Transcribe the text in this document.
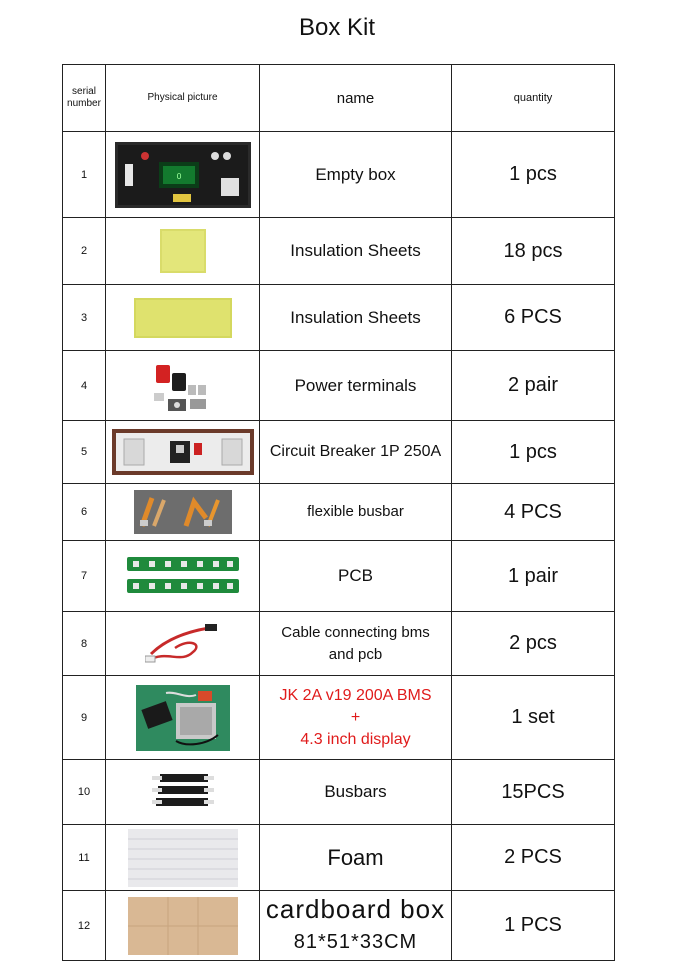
Box Kit
serial
number	Physical picture	name	quantity
1	0	Empty box	1 pcs
2		Insulation Sheets	18 pcs
3		Insulation Sheets	6 PCS
4		Power terminals	2 pair
5		Circuit Breaker 1P 250A	1 pcs
6		flexible busbar	4 PCS
7		PCB	1 pair
8		Cable connecting bms
and pcb	2 pcs
9		JK 2A v19 200A BMS
+
4.3 inch display	1 set
10		Busbars	15PCS
11		Foam	2 PCS
12		cardboard box
81*51*33CM	1 PCS
